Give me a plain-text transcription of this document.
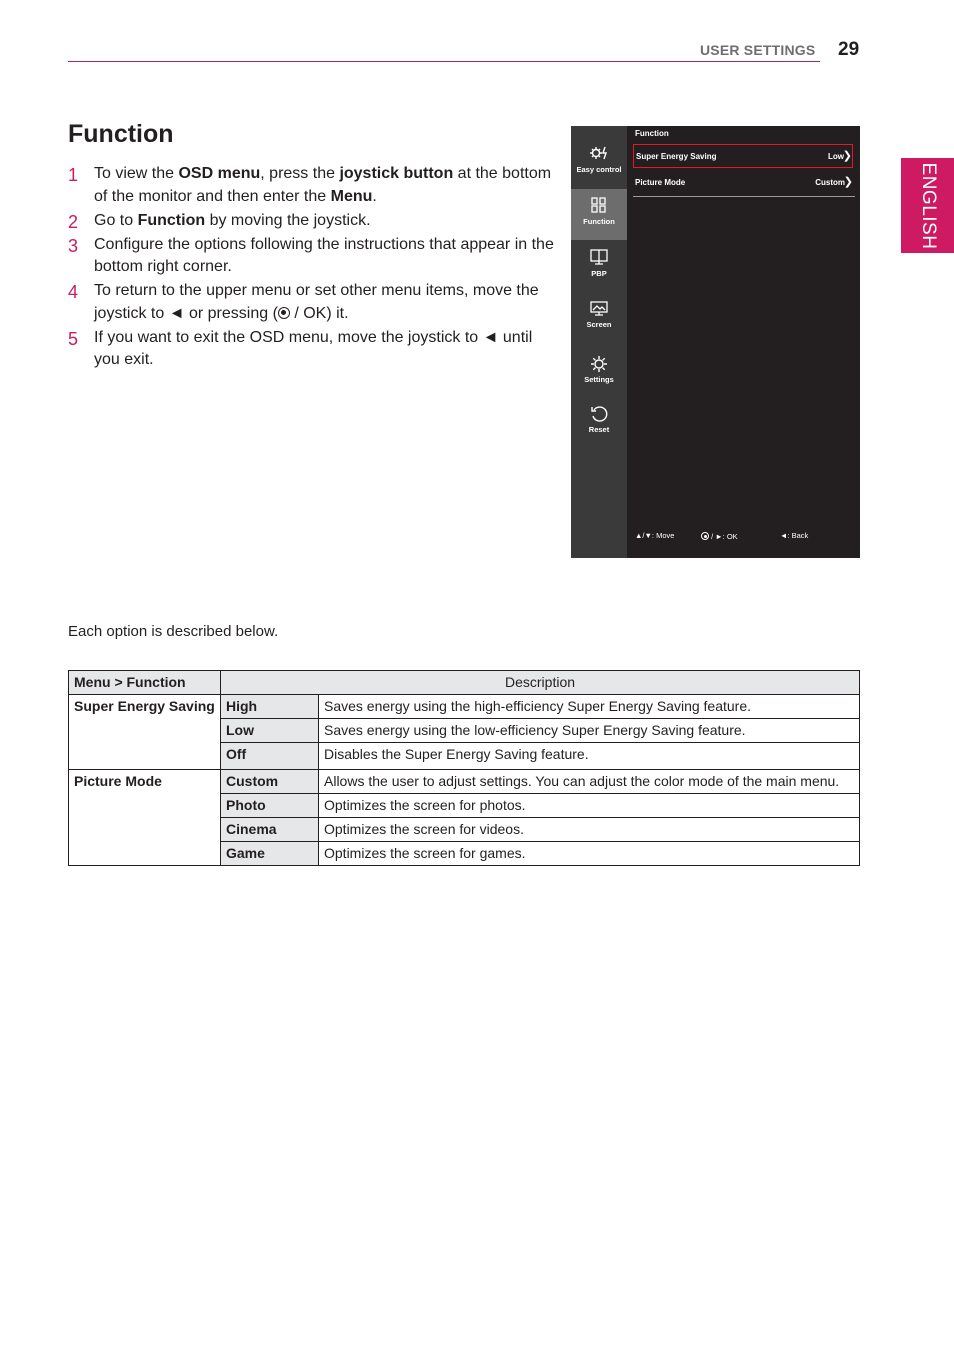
USER SETTINGS 29
ENGLISH
Function
1 To view the OSD menu, press the joystick button at the bottom of the monitor and then enter the Menu.
2 Go to Function by moving the joystick.
3 Configure the options following the instructions that appear in the bottom right corner.
4 To return to the upper menu or set other menu items, move the joystick to ◄ or pressing ( / OK) it.
5 If you want to exit the OSD menu, move the joystick to ◄ until you exit.
Easy control
Function
PBP
Screen
Settings
Reset
Function
Super Energy Saving	Low
❯
Picture Mode	Custom
❯
▲/▼: Move	/ ►: OK	◄: Back
Each option is described below.
Menu > Function	Description	
Super Energy Saving	High	Saves energy using the high-efficiency Super Energy Saving feature.
	Low	Saves energy using the low-efficiency Super Energy Saving feature.
	Off	Disables the Super Energy Saving feature.
Picture Mode	Custom	Allows the user to adjust settings. You can adjust the color mode of the main menu.
	Photo	Optimizes the screen for photos.
	Cinema	Optimizes the screen for videos.
	Game	Optimizes the screen for games.
